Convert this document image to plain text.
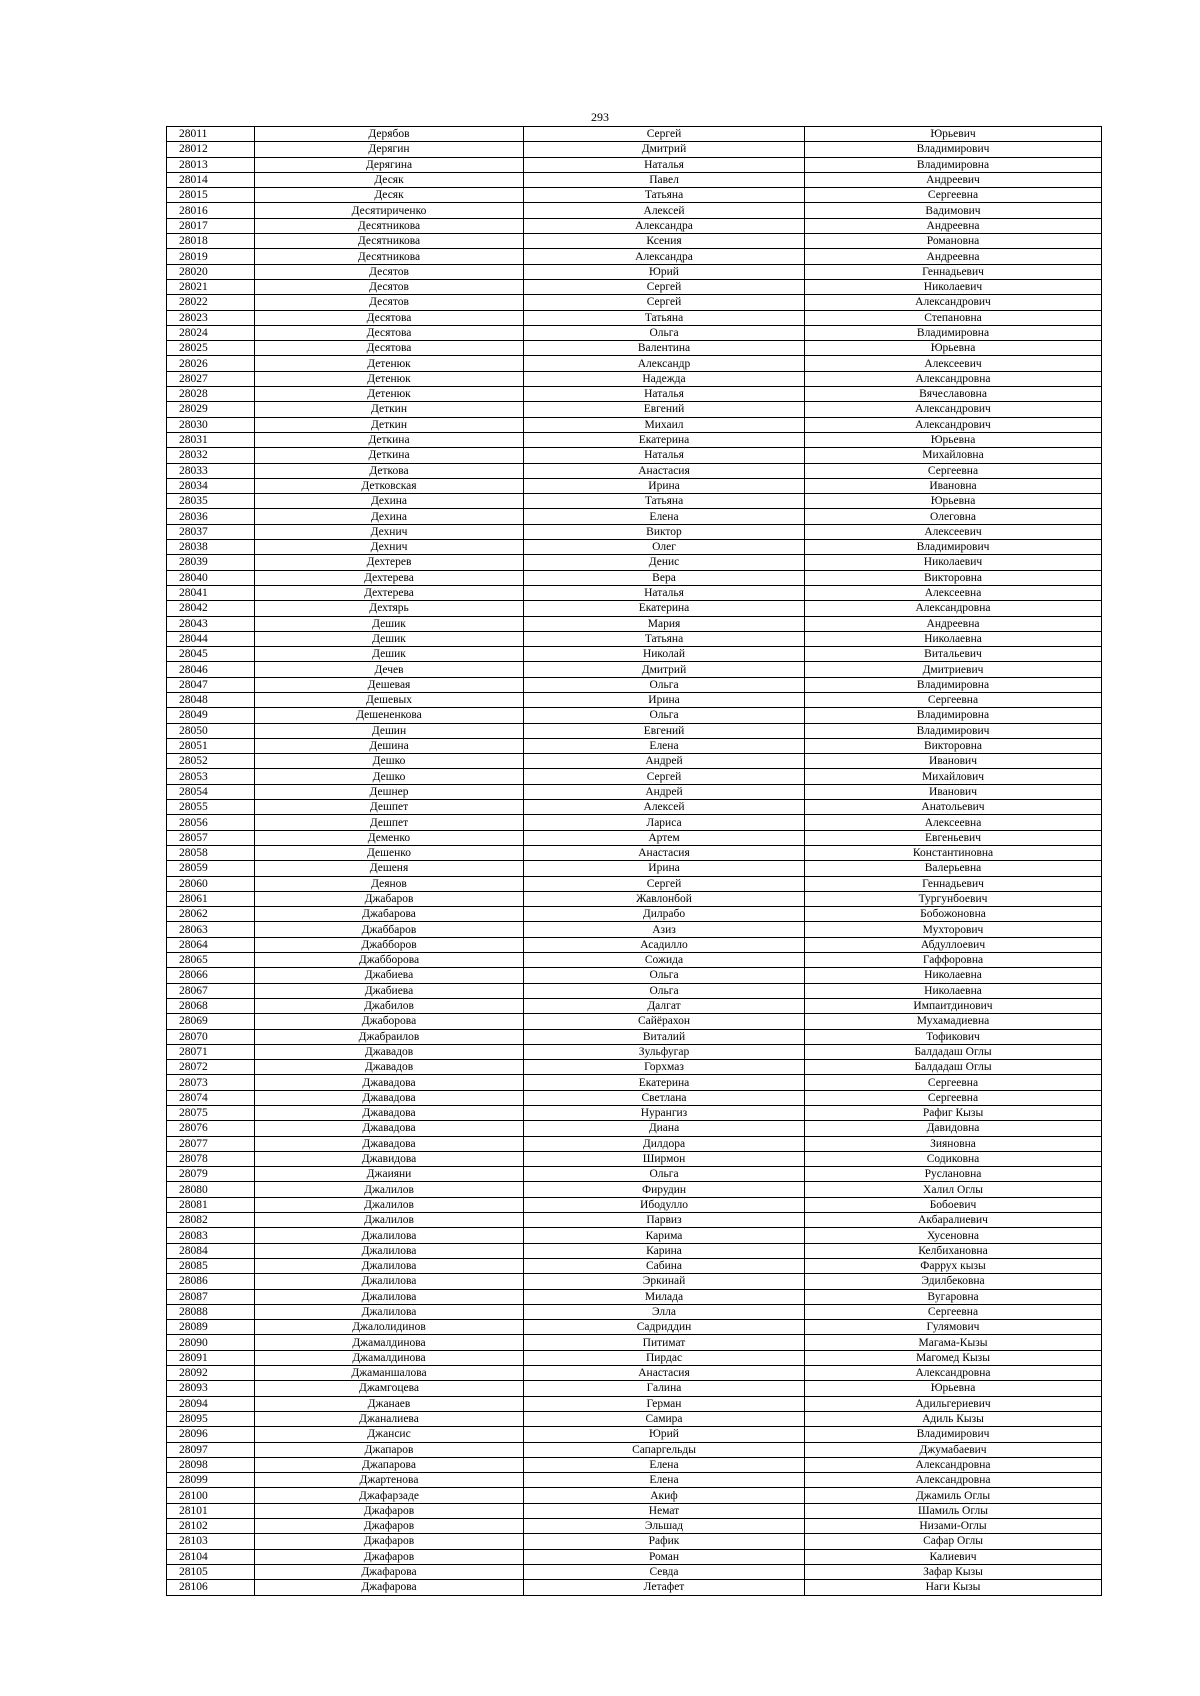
293
28011	Дерябов	Сергей	Юрьевич
28012	Дерягин	Дмитрий	Владимирович
28013	Дерягина	Наталья	Владимировна
28014	Десяк	Павел	Андреевич
28015	Десяк	Татьяна	Сергеевна
28016	Десятириченко	Алексей	Вадимович
28017	Десятникова	Александра	Андреевна
28018	Десятникова	Ксения	Романовна
28019	Десятникова	Александра	Андреевна
28020	Десятов	Юрий	Геннадьевич
28021	Десятов	Сергей	Николаевич
28022	Десятов	Сергей	Александрович
28023	Десятова	Татьяна	Степановна
28024	Десятова	Ольга	Владимировна
28025	Десятова	Валентина	Юрьевна
28026	Детенюк	Александр	Алексеевич
28027	Детенюк	Надежда	Александровна
28028	Детенюк	Наталья	Вячеславовна
28029	Деткин	Евгений	Александрович
28030	Деткин	Михаил	Александрович
28031	Деткина	Екатерина	Юрьевна
28032	Деткина	Наталья	Михайловна
28033	Деткова	Анастасия	Сергеевна
28034	Детковская	Ирина	Ивановна
28035	Дехина	Татьяна	Юрьевна
28036	Дехина	Елена	Олеговна
28037	Дехнич	Виктор	Алексеевич
28038	Дехнич	Олег	Владимирович
28039	Дехтерев	Денис	Николаевич
28040	Дехтерева	Вера	Викторовна
28041	Дехтерева	Наталья	Алексеевна
28042	Дехтярь	Екатерина	Александровна
28043	Дешик	Мария	Андреевна
28044	Дешик	Татьяна	Николаевна
28045	Дешик	Николай	Витальевич
28046	Дечев	Дмитрий	Дмитриевич
28047	Дешевая	Ольга	Владимировна
28048	Дешевых	Ирина	Сергеевна
28049	Дешененкова	Ольга	Владимировна
28050	Дешин	Евгений	Владимирович
28051	Дешина	Елена	Викторовна
28052	Дешко	Андрей	Иванович
28053	Дешко	Сергей	Михайлович
28054	Дешнер	Андрей	Иванович
28055	Дешпет	Алексей	Анатольевич
28056	Дешпет	Лариса	Алексеевна
28057	Деменко	Артем	Евгеньевич
28058	Дешенко	Анастасия	Константиновна
28059	Дешеня	Ирина	Валерьевна
28060	Деянов	Сергей	Геннадьевич
28061	Джабаров	Жавлонбой	Тургунбоевич
28062	Джабарова	Дилрабо	Бобожоновна
28063	Джаббаров	Азиз	Мухторович
28064	Джабборов	Асадилло	Абдуллоевич
28065	Джабборова	Сожида	Гаффоровна
28066	Джабиева	Ольга	Николаевна
28067	Джабиева	Ольга	Николаевна
28068	Джабилов	Далгат	Импаитдинович
28069	Джаборова	Сайёрахон	Мухамадиевна
28070	Джабраилов	Виталий	Тофикович
28071	Джавадов	Зульфугар	Балдадаш Оглы
28072	Джавадов	Горхмаз	Балдадаш Оглы
28073	Джавадова	Екатерина	Сергеевна
28074	Джавадова	Светлана	Сергеевна
28075	Джавадова	Нурангиз	Рафиг Кызы
28076	Джавадова	Диана	Давидовна
28077	Джавадова	Дилдора	Зияновна
28078	Джавидова	Ширмон	Содиковна
28079	Джаияни	Ольга	Руслановна
28080	Джалилов	Фирудин	Халил Оглы
28081	Джалилов	Ибодулло	Бобоевич
28082	Джалилов	Парвиз	Акбаралиевич
28083	Джалилова	Карима	Хусеновна
28084	Джалилова	Карина	Келбихановна
28085	Джалилова	Сабина	Фаррух кызы
28086	Джалилова	Эркинай	Эдилбековна
28087	Джалилова	Милада	Вугаровна
28088	Джалилова	Элла	Сергеевна
28089	Джалолидинов	Садриддин	Гулямович
28090	Джамалдинова	Питимат	Магама-Кызы
28091	Джамалдинова	Пирдас	Магомед Кызы
28092	Джаманшалова	Анастасия	Александровна
28093	Джамгоцева	Галина	Юрьевна
28094	Джанаев	Герман	Адильгериевич
28095	Джаналиева	Самира	Адиль Кызы
28096	Джансис	Юрий	Владимирович
28097	Джапаров	Сапаргельды	Джумабаевич
28098	Джапарова	Елена	Александровна
28099	Джартенова	Елена	Александровна
28100	Джафарзаде	Акиф	Джамиль Оглы
28101	Джафаров	Немат	Шамиль Оглы
28102	Джафаров	Эльшад	Низами-Оглы
28103	Джафаров	Рафик	Сафар Оглы
28104	Джафаров	Роман	Калиевич
28105	Джафарова	Севда	Зафар Кызы
28106	Джафарова	Летафет	Наги Кызы
